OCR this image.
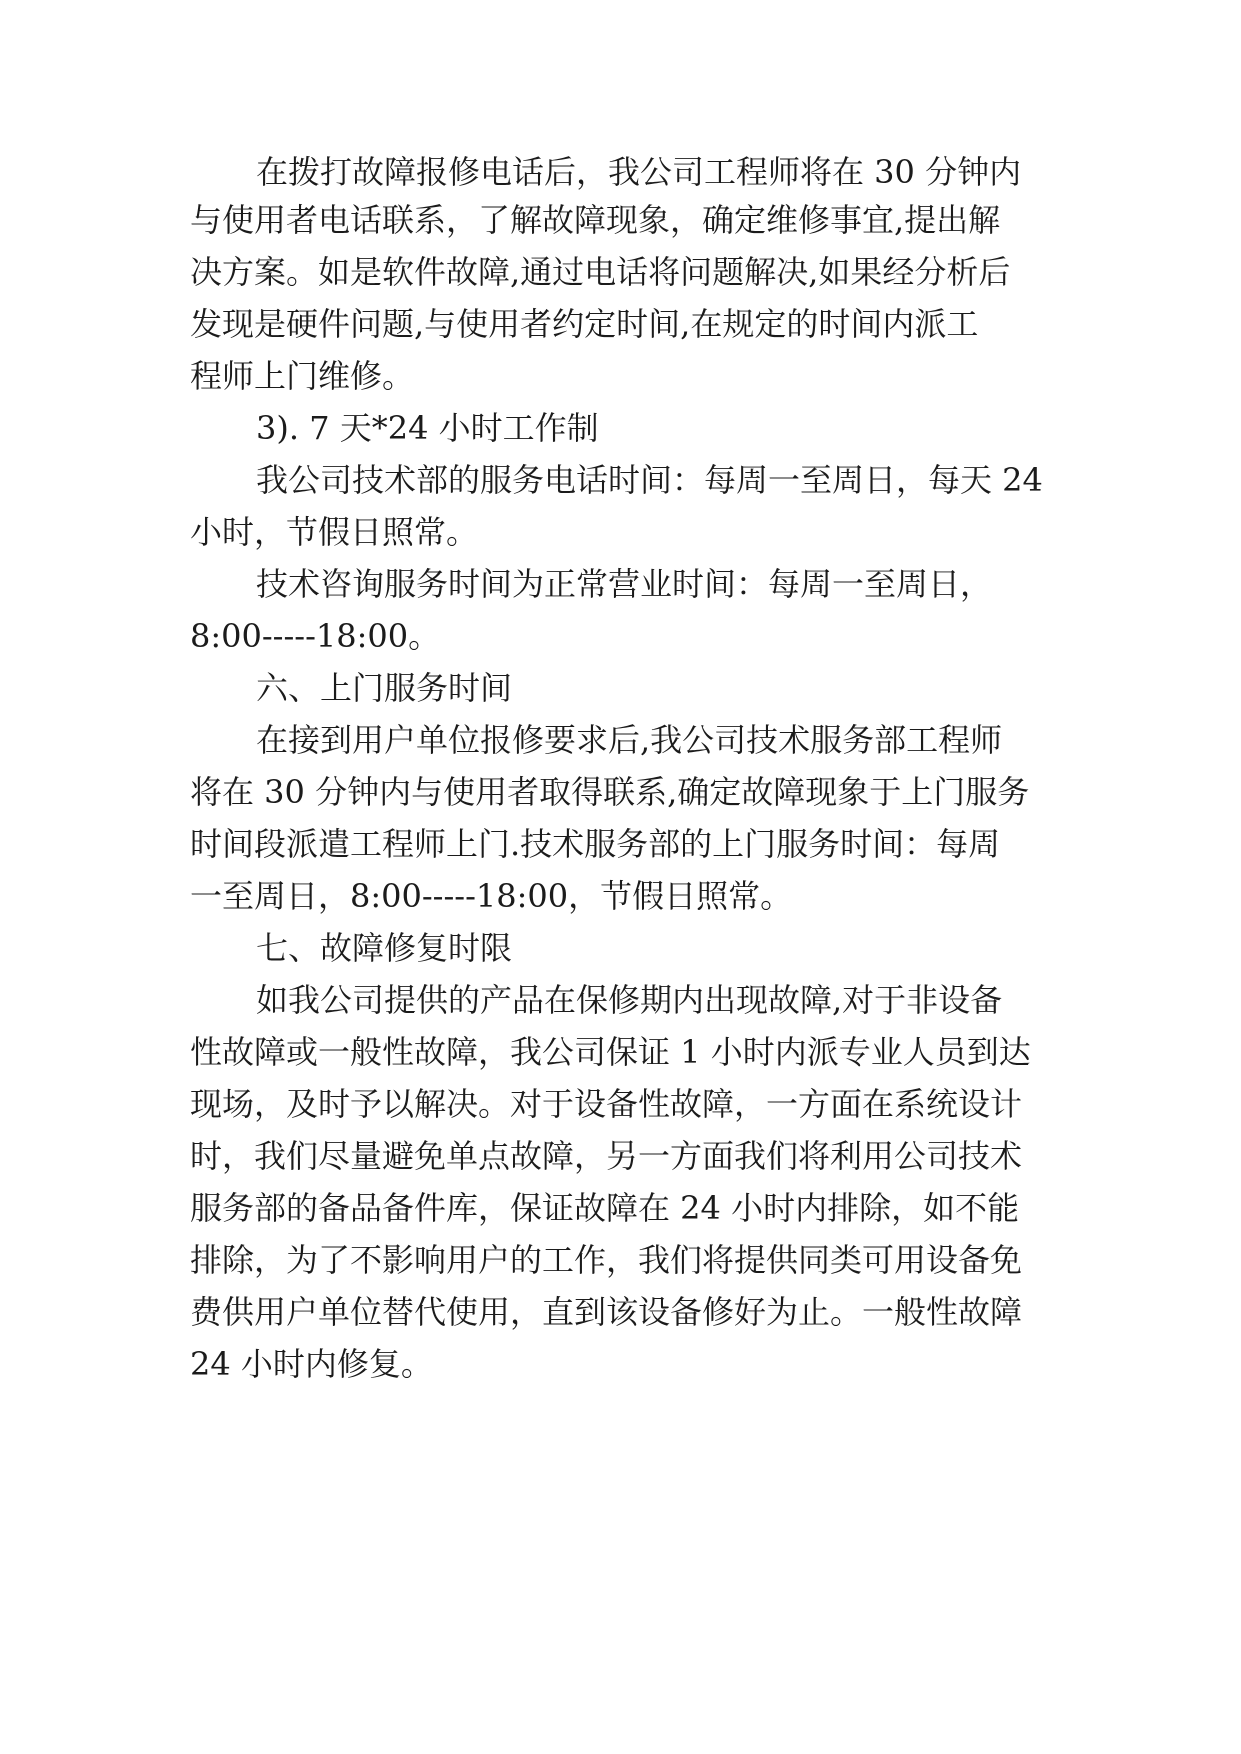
在拨打故障报修电话后，我公司工程师将在 30 分钟内

与使用者电话联系，了解故障现象，确定维修事宜,提出解

决方案。如是软件故障,通过电话将问题解决,如果经分析后

发现是硬件问题,与使用者约定时间,在规定的时间内派工

程师上门维修。

3). 7 天*24 小时工作制

我公司技术部的服务电话时间：每周一至周日，每天 24

小时，节假日照常。

技术咨询服务时间为正常营业时间：每周一至周日，

8:00-----18:00。

六、上门服务时间

在接到用户单位报修要求后,我公司技术服务部工程师

将在 30 分钟内与使用者取得联系,确定故障现象于上门服务

时间段派遣工程师上门.技术服务部的上门服务时间：每周

一至周日，8:00-----18:00，节假日照常。

七、故障修复时限

如我公司提供的产品在保修期内出现故障,对于非设备

性故障或一般性故障，我公司保证 1 小时内派专业人员到达

现场，及时予以解决。对于设备性故障，一方面在系统设计

时，我们尽量避免单点故障，另一方面我们将利用公司技术

服务部的备品备件库，保证故障在 24 小时内排除，如不能

排除，为了不影响用户的工作，我们将提供同类可用设备免

费供用户单位替代使用，直到该设备修好为止。一般性故障

24 小时内修复。
